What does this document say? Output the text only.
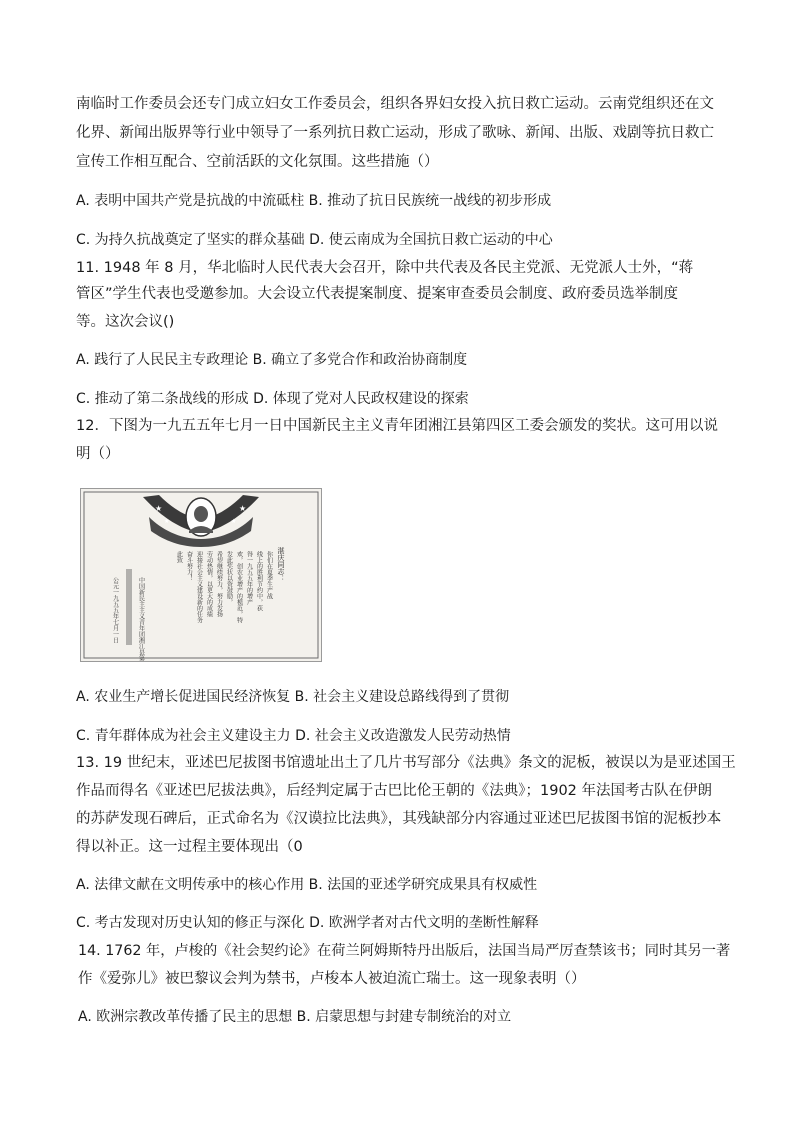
南临时工作委员会还专门成立妇女工作委员会，组织各界妇女投入抗日救亡运动。云南党组织还在文
化界、新闻出版界等行业中领导了一系列抗日救亡运动，形成了歌咏、新闻、出版、戏剧等抗日救亡
宣传工作相互配合、空前活跃的文化氛围。这些措施（）
A. 表明中国共产党是抗战的中流砥柱 B. 推动了抗日民族统一战线的初步形成
C. 为持久抗战奠定了坚实的群众基础 D. 使云南成为全国抗日救亡运动的中心
11. 1948 年 8 月，华北临时人民代表大会召开，除中共代表及各民主党派、无党派人士外，“蒋
管区”学生代表也受邀参加。大会设立代表提案制度、提案审查委员会制度、政府委员选举制度
等。这次会议()
A. 践行了人民民主专政理论 B. 确立了多党合作和政治协商制度
C. 推动了第二条战线的形成 D. 体现了党对人民政权建设的探索
12．下图为一九五五年七月一日中国新民主主义青年团湘江县第四区工委会颁发的奖状。这可用以说
明（）
★
★
★
★
公元一九五五年七月一日	中国新民主主义青年团湘江县第四区工委会
湛庆同志：
你们在夏季生产战
线上的胜利节约中，获
得一九五五年的增产
欢，创农业增产的模范，特
发此奖状以资鼓励，
希望继续努力，努力发扬
劳动热情，以更大的成绩
迎接社会主义建设新的任务
奋斗努力！
此致
A. 农业生产增长促进国民经济恢复 B. 社会主义建设总路线得到了贯彻
C. 青年群体成为社会主义建设主力 D. 社会主义改造激发人民劳动热情
13. 19 世纪末，亚述巴尼拔图书馆遗址出土了几片书写部分《法典》条文的泥板，被误以为是亚述国王
作品而得名《亚述巴尼拔法典》，后经判定属于古巴比伦王朝的《法典》；1902 年法国考古队在伊朗
的苏萨发现石碑后，正式命名为《汉谟拉比法典》，其残缺部分内容通过亚述巴尼拔图书馆的泥板抄本
得以补正。这一过程主要体现出（0
A. 法律文献在文明传承中的核心作用 B. 法国的亚述学研究成果具有权威性
C. 考古发现对历史认知的修正与深化 D. 欧洲学者对古代文明的垄断性解释
14. 1762 年，卢梭的《社会契约论》在荷兰阿姆斯特丹出版后，法国当局严厉查禁该书；同时其另一著
作《爱弥儿》被巴黎议会判为禁书，卢梭本人被迫流亡瑞士。这一现象表明（）
A. 欧洲宗教改革传播了民主的思想 B. 启蒙思想与封建专制统治的对立
